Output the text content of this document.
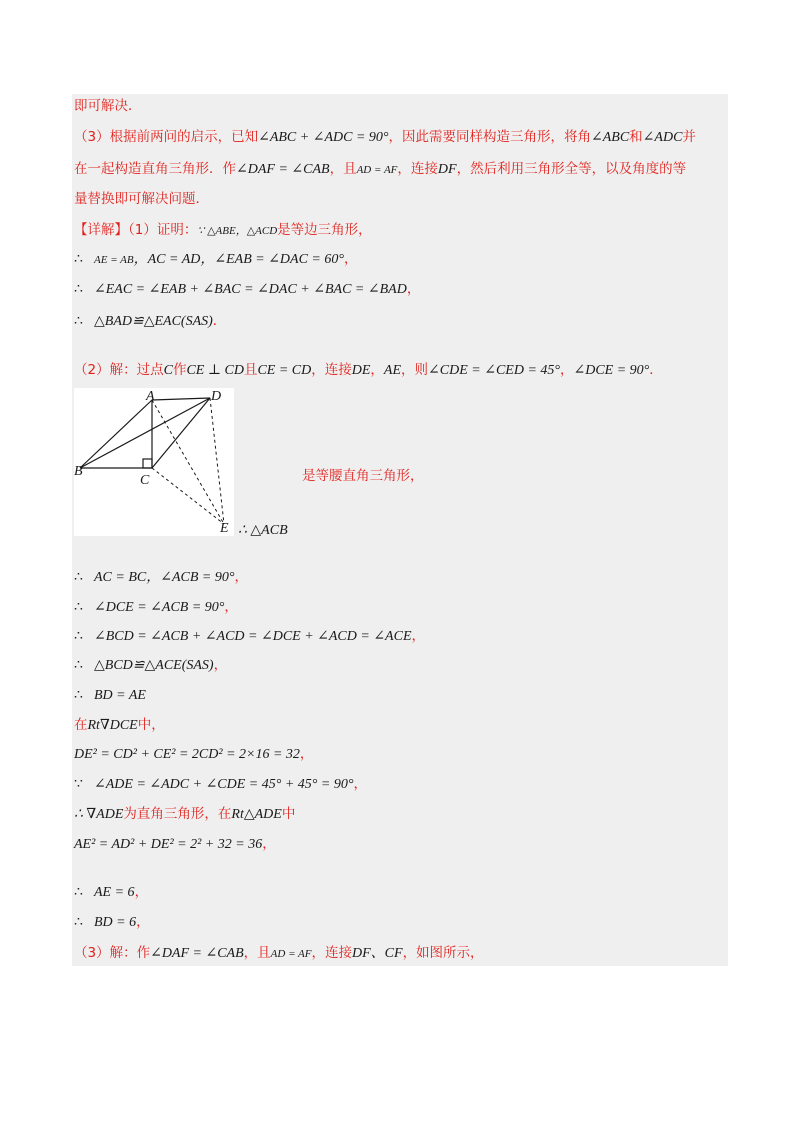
即可解决．
（3）根据前两问的启示，已知∠ABC + ∠ADC = 90°，因此需要同样构造三角形，将角∠ABC和∠ADC并
在一起构造直角三角形．作∠DAF = ∠CAB，且AD = AF，连接DF，然后利用三角形全等，以及角度的等
量替换即可解决问题．
【详解】（1）证明：∵ △ABE，△ACD是等边三角形，
∴ AE = AB，AC = AD，∠EAB = ∠DAC = 60°，
∴ ∠EAC = ∠EAB + ∠BAC = ∠DAC + ∠BAC = ∠BAD，
∴ △BAD≌△EAC(SAS)．
（2）解：过点C作CE ⊥ CD且CE = CD，连接DE，AE，则∠CDE = ∠CED = 45°，∠DCE = 90°．
A	D
B
C
E
是等腰直角三角形，
∴ △ACB
∴ AC = BC，∠ACB = 90°，
∴ ∠DCE = ∠ACB = 90°，
∴ ∠BCD = ∠ACB + ∠ACD = ∠DCE + ∠ACD = ∠ACE，
∴ △BCD≌△ACE(SAS)，
∴ BD = AE
在Rt∇DCE中，
DE² = CD² + CE² = 2CD² = 2×16 = 32，
∵ ∠ADE = ∠ADC + ∠CDE = 45° + 45° = 90°，
∴ ∇ADE为直角三角形，在Rt△ADE中
AE² = AD² + DE² = 2² + 32 = 36，
∴ AE = 6，
∴ BD = 6，
（3）解：作∠DAF = ∠CAB，且AD = AF，连接DF、CF，如图所示，
